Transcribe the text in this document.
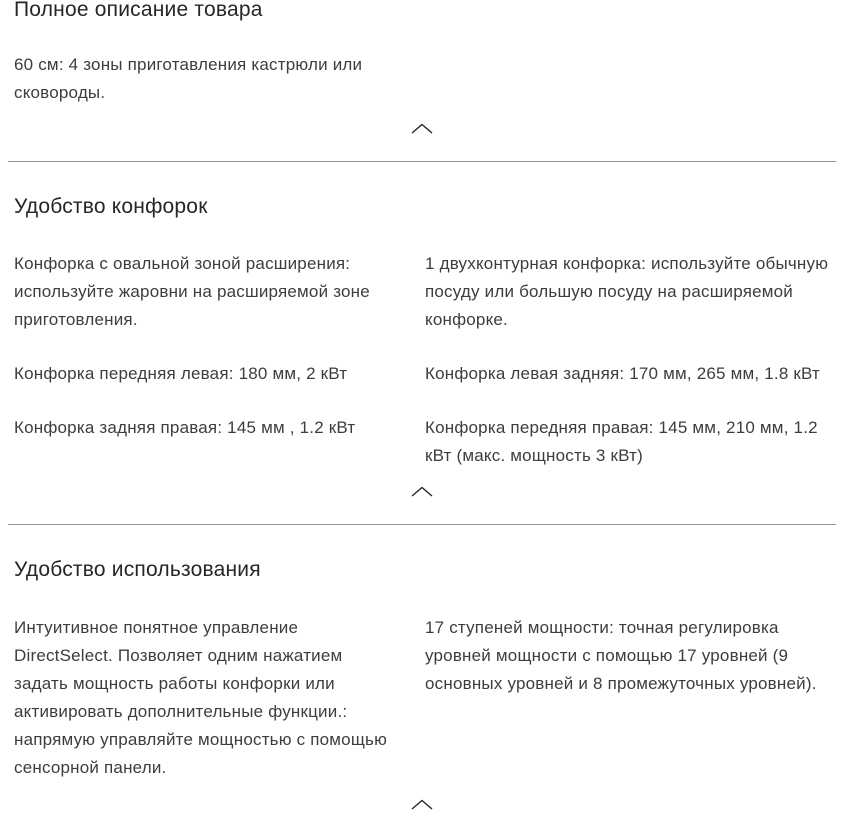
Полное описание товара

60 см: 4 зоны приготавления кастрюли или сковороды.

Удобство конфорок

Конфорка с овальной зоной расширения: используйте жаровни на расширяемой зоне приготовления.

1 двухконтурная конфорка: используйте обычную посуду или большую посуду на расширяемой конфорке.

Конфорка передняя левая: 180 мм, 2 кВт	Конфорка левая задняя: 170 мм, 265 мм, 1.8 кВт

Конфорка задняя правая: 145 мм , 1.2 кВт	Конфорка передняя правая: 145 мм, 210 мм, 1.2 кВт (макс. мощность 3 кВт)

Удобство использования

Интуитивное понятное управление DirectSelect. Позволяет одним нажатием задать мощность работы конфорки или активировать дополнительные функции.: напрямую управляйте мощностью с помощью сенсорной панели.

17 ступеней мощности: точная регулировка уровней мощности с помощью 17 уровней (9 основных уровней и 8 промежуточных уровней).
